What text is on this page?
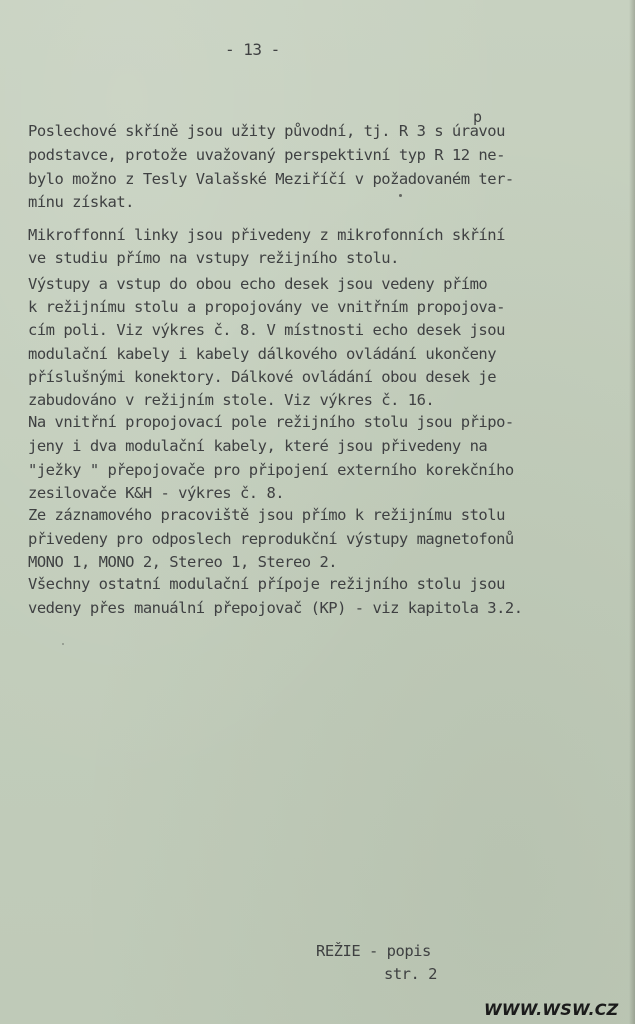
- 13 -
p
Poslechové skříně jsou užity původní, tj. R 3 s úravou
podstavce, protože uvažovaný perspektivní typ R 12 ne-
bylo možno z Tesly Valašské Meziříčí v požadovaném ter-
mínu získat.
Mikroffonní linky jsou přivedeny z mikrofonních skříní
ve studiu přímo na vstupy režijního stolu.
Výstupy a vstup do obou echo desek jsou vedeny přímo
k režijnímu stolu a propojovány ve vnitřním propojova-
cím poli. Viz výkres č. 8. V místnosti echo desek jsou
modulační kabely i kabely dálkového ovládání ukončeny
příslušnými konektory. Dálkové ovládání obou desek je
zabudováno v režijním stole. Viz výkres č. 16.
Na vnitřní propojovací pole režijního stolu jsou připo-
jeny i dva modulační kabely, které jsou přivedeny na
"ježky " přepojovače pro připojení externího korekčního
zesilovače K&H - výkres č. 8.
Ze záznamového pracoviště jsou přímo k režijnímu stolu
přivedeny pro odposlech reprodukční výstupy magnetofonů
MONO 1, MONO 2, Stereo 1, Stereo 2.
Všechny ostatní modulační přípoje režijního stolu jsou
vedeny přes manuální přepojovač (KP) - viz kapitola 3.2.
REŽIE - popis
str. 2
WWW.WSW.CZ
